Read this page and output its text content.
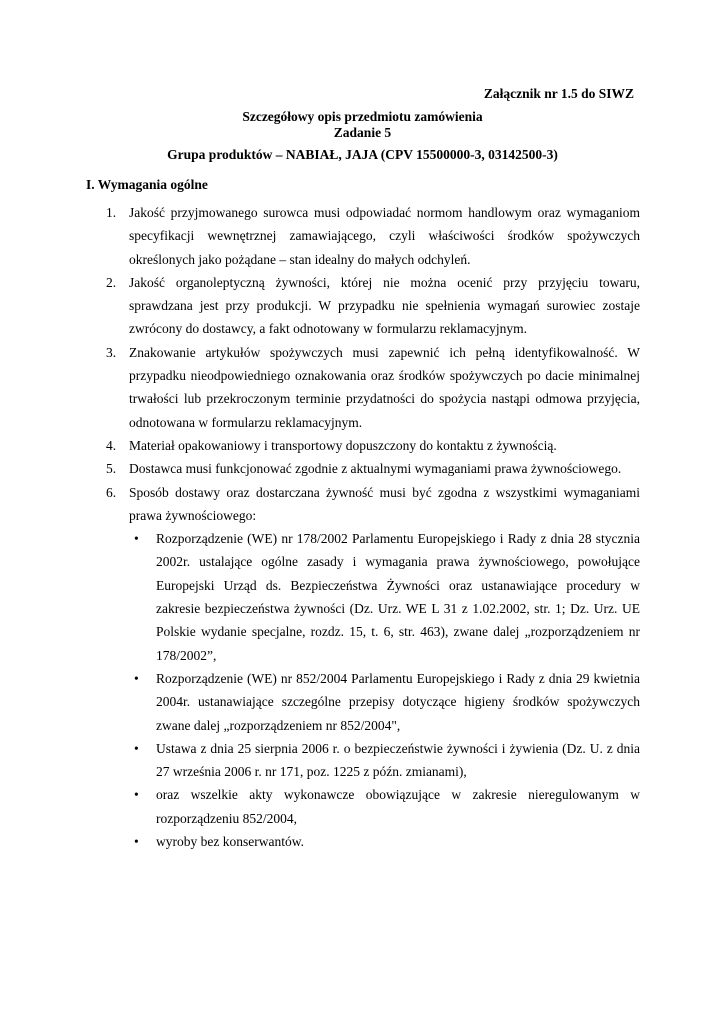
Załącznik nr 1.5 do SIWZ
Szczegółowy opis przedmiotu zamówienia
Zadanie 5
Grupa produktów – NABIAŁ, JAJA (CPV 15500000-3, 03142500-3)
I. Wymagania ogólne
1. Jakość przyjmowanego surowca musi odpowiadać normom handlowym oraz wymaganiom specyfikacji wewnętrznej zamawiającego, czyli właściwości środków spożywczych określonych jako pożądane – stan idealny do małych odchyleń.
2. Jakość organoleptyczną żywności, której nie można ocenić przy przyjęciu towaru, sprawdzana jest przy produkcji. W przypadku nie spełnienia wymagań surowiec zostaje zwrócony do dostawcy, a fakt odnotowany w formularzu reklamacyjnym.
3. Znakowanie artykułów spożywczych musi zapewnić ich pełną identyfikowalność. W przypadku nieodpowiedniego oznakowania oraz środków spożywczych po dacie minimalnej trwałości lub przekroczonym terminie przydatności do spożycia nastąpi odmowa przyjęcia, odnotowana w formularzu reklamacyjnym.
4. Materiał opakowaniowy i transportowy dopuszczony do kontaktu z żywnością.
5. Dostawca musi funkcjonować zgodnie z aktualnymi wymaganiami prawa żywnościowego.
6. Sposób dostawy oraz dostarczana żywność musi być zgodna z wszystkimi wymaganiami prawa żywnościowego:
• Rozporządzenie (WE) nr 178/2002 Parlamentu Europejskiego i Rady z dnia 28 stycznia 2002r. ustalające ogólne zasady i wymagania prawa żywnościowego, powołujące Europejski Urząd ds. Bezpieczeństwa Żywności oraz ustanawiające procedury w zakresie bezpieczeństwa żywności (Dz. Urz. WE L 31 z 1.02.2002, str. 1; Dz. Urz. UE Polskie wydanie specjalne, rozdz. 15, t. 6, str. 463), zwane dalej „rozporządzeniem nr 178/2002”,
• Rozporządzenie (WE) nr 852/2004 Parlamentu Europejskiego i Rady z dnia 29 kwietnia 2004r. ustanawiające szczególne przepisy dotyczące higieny środków spożywczych zwane dalej „rozporządzeniem nr 852/2004",
• Ustawa z dnia 25 sierpnia 2006 r. o bezpieczeństwie żywności i żywienia (Dz. U. z dnia 27 września 2006 r. nr 171, poz. 1225 z późn. zmianami),
• oraz wszelkie akty wykonawcze obowiązujące w zakresie nieregulowanym w rozporządzeniu 852/2004,
• wyroby bez konserwantów.
